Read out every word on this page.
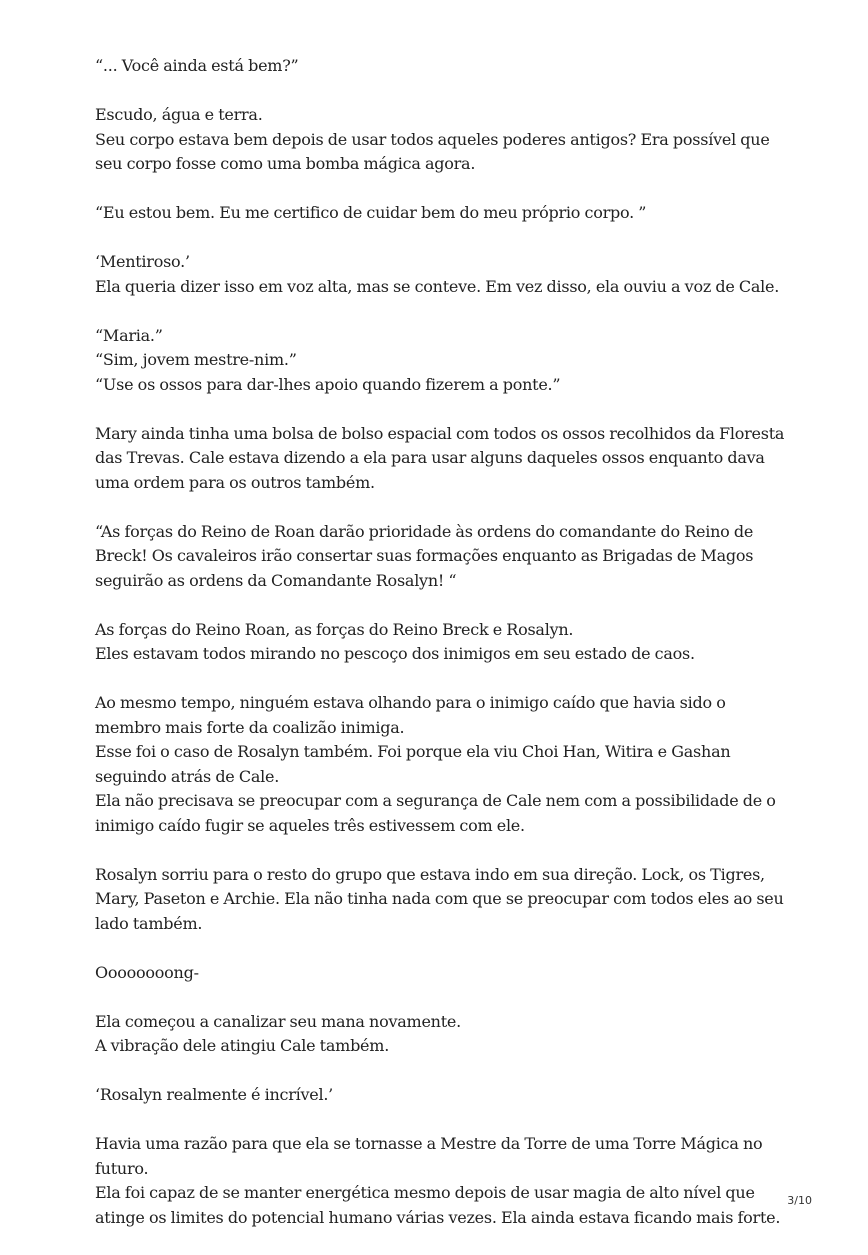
“... Você ainda está bem?”

Escudo, água e terra.
Seu corpo estava bem depois de usar todos aqueles poderes antigos? Era possível que seu corpo fosse como uma bomba mágica agora.

“Eu estou bem. Eu me certifico de cuidar bem do meu próprio corpo. ”

‘Mentiroso.’
Ela queria dizer isso em voz alta, mas se conteve. Em vez disso, ela ouviu a voz de Cale.

“Maria.”
“Sim, jovem mestre-nim.”
“Use os ossos para dar-lhes apoio quando fizerem a ponte.”

Mary ainda tinha uma bolsa de bolso espacial com todos os ossos recolhidos da Floresta das Trevas. Cale estava dizendo a ela para usar alguns daqueles ossos enquanto dava uma ordem para os outros também.

“As forças do Reino de Roan darão prioridade às ordens do comandante do Reino de Breck! Os cavaleiros irão consertar suas formações enquanto as Brigadas de Magos seguirão as ordens da Comandante Rosalyn! “

As forças do Reino Roan, as forças do Reino Breck e Rosalyn.
Eles estavam todos mirando no pescoço dos inimigos em seu estado de caos.

Ao mesmo tempo, ninguém estava olhando para o inimigo caído que havia sido o membro mais forte da coalizão inimiga.
Esse foi o caso de Rosalyn também. Foi porque ela viu Choi Han, Witira e Gashan seguindo atrás de Cale.
Ela não precisava se preocupar com a segurança de Cale nem com a possibilidade de o inimigo caído fugir se aqueles três estivessem com ele.

Rosalyn sorriu para o resto do grupo que estava indo em sua direção. Lock, os Tigres, Mary, Paseton e Archie. Ela não tinha nada com que se preocupar com todos eles ao seu lado também.

Oooooooong-

Ela começou a canalizar seu mana novamente.
A vibração dele atingiu Cale também.

‘Rosalyn realmente é incrível.’

Havia uma razão para que ela se tornasse a Mestre da Torre de uma Torre Mágica no futuro.
Ela foi capaz de se manter energética mesmo depois de usar magia de alto nível que atinge os limites do potencial humano várias vezes. Ela ainda estava ficando mais forte.

3/10
